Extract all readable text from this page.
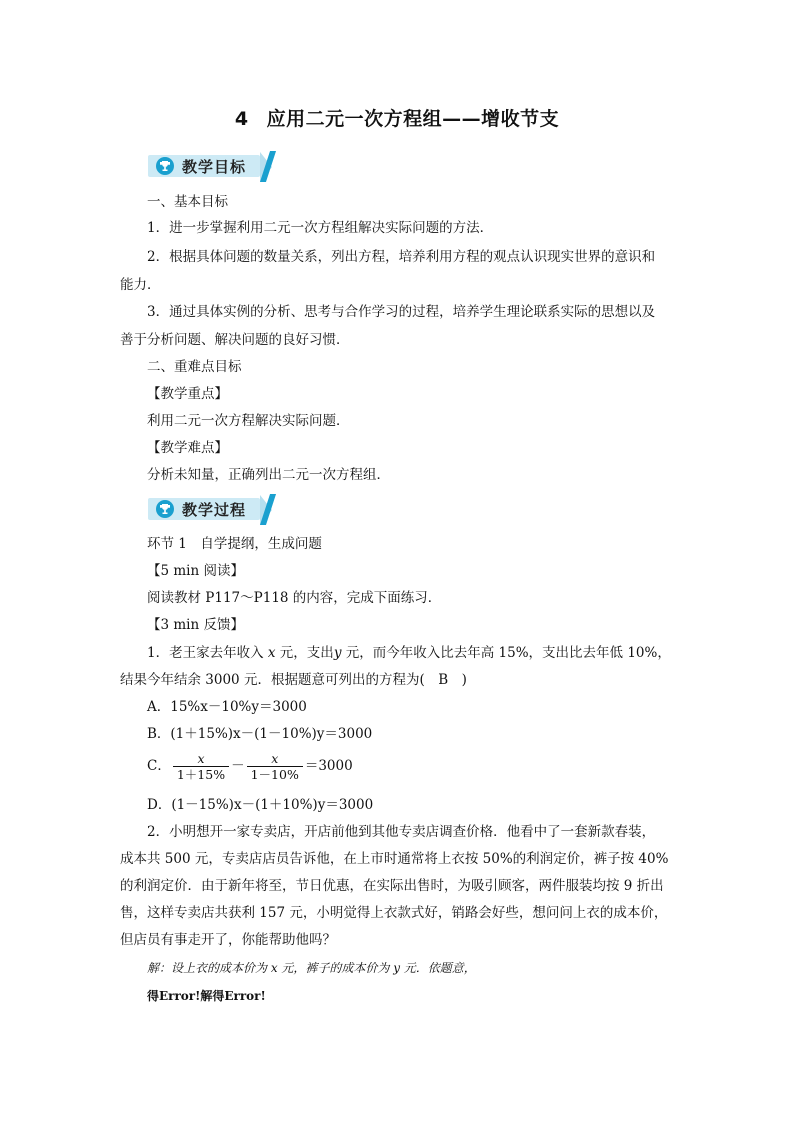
4 应用二元一次方程组——增收节支
教学目标
一、基本目标
1．进一步掌握利用二元一次方程组解决实际问题的方法．
2．根据具体问题的数量关系，列出方程，培养利用方程的观点认识现实世界的意识和
能力．
3．通过具体实例的分析、思考与合作学习的过程，培养学生理论联系实际的思想以及
善于分析问题、解决问题的良好习惯．
二、重难点目标
【教学重点】
利用二元一次方程解决实际问题．
【教学难点】
分析未知量，正确列出二元一次方程组．
教学过程
环节 1　自学提纲，生成问题
【5 min 阅读】
阅读教材 P117～P118 的内容，完成下面练习．
【3 min 反馈】
1．老王家去年收入 x 元，支出y 元，而今年收入比去年高 15%，支出比去年低 10%，
结果今年结余 3000 元．根据题意可列出的方程为(　B　)
A．15%x－10%y＝3000
B．(1＋15%)x－(1－10%)y＝3000
C． $\frac{x}{1+15\%} - \frac{x}{1-10\%} =3000$
D．(1－15%)x－(1＋10%)y＝3000
2．小明想开一家专卖店，开店前他到其他专卖店调查价格．他看中了一套新款春装，
成本共 500 元，专卖店店员告诉他，在上市时通常将上衣按 50%的利润定价，裤子按 40%
的利润定价．由于新年将至，节日优惠，在实际出售时，为吸引顾客，两件服装均按 9 折出
售，这样专卖店共获利 157 元，小明觉得上衣款式好，销路会好些，想问问上衣的成本价，
但店员有事走开了，你能帮助他吗？
解：设上衣的成本价为 x 元，裤子的成本价为 y 元．依题意，
得Error!解得Error!
